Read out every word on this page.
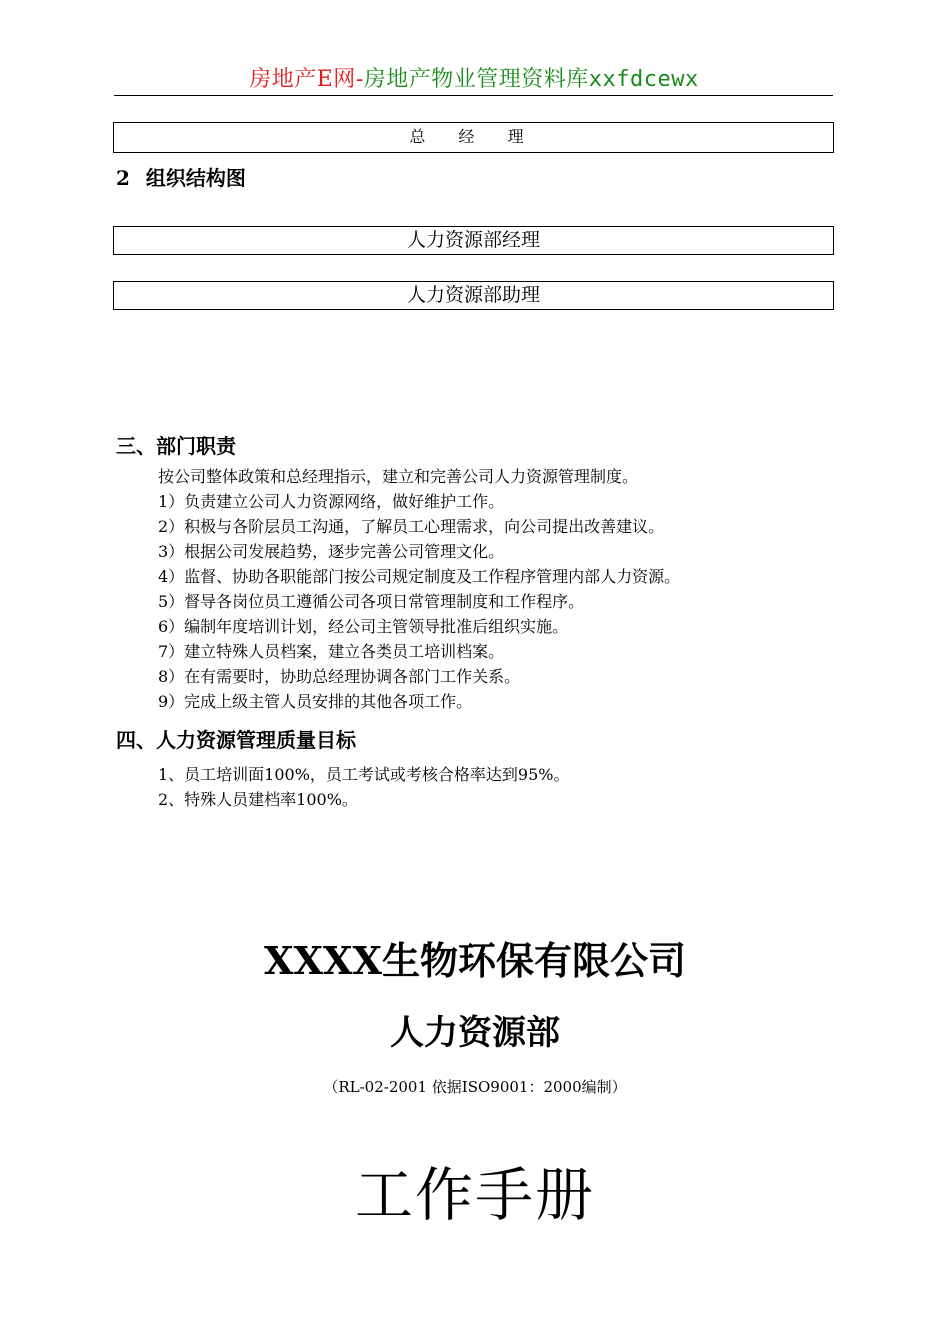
房地产E网-房地产物业管理资料库xxfdcewx
总 经 理
2 组织结构图
人力资源部经理
人力资源部助理
三、部门职责
按公司整体政策和总经理指示，建立和完善公司人力资源管理制度。
1）负责建立公司人力资源网络，做好维护工作。
2）积极与各阶层员工沟通，了解员工心理需求，向公司提出改善建议。
3）根据公司发展趋势，逐步完善公司管理文化。
4）监督、协助各职能部门按公司规定制度及工作程序管理内部人力资源。
5）督导各岗位员工遵循公司各项日常管理制度和工作程序。
6）编制年度培训计划，经公司主管领导批准后组织实施。
7）建立特殊人员档案，建立各类员工培训档案。
8）在有需要时，协助总经理协调各部门工作关系。
9）完成上级主管人员安排的其他各项工作。
四、人力资源管理质量目标
1、员工培训面100%，员工考试或考核合格率达到95%。
2、特殊人员建档率100%。
XXXX生物环保有限公司
人力资源部
（RL-02-2001 依据ISO9001：2000编制）
工作手册
